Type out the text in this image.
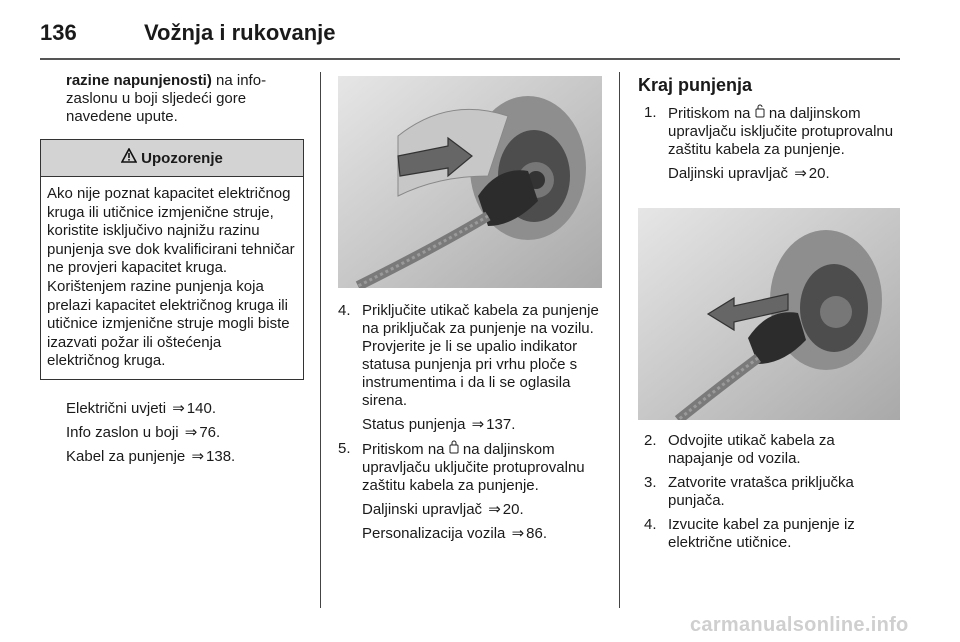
136	Vožnja i rukovanje
razine napunjenosti) na info-zaslonu u boji sljedeći gore navedene upute.
Upozorenje
Ako nije poznat kapacitet električnog kruga ili utičnice izmjenične struje, koristite isključivo najnižu razinu punjenja sve dok kvalificirani tehničar ne provjeri kapacitet kruga. Korištenjem razine punjenja koja prelazi kapacitet električnog kruga ili utičnice izmjenične struje mogli biste izazvati požar ili oštećenja električnog kruga.

Električni uvjeti ⇒ 140.

Info zaslon u boji ⇒ 76.

Kabel za punjenje ⇒ 138.

4. Priključite utikač kabela za punjenje na priključak za punjenje na vozilu. Provjerite je li se upalio indikator statusa punjenja pri vrhu ploče s instrumentima i da li se oglasila sirena.
Status punjenja ⇒ 137.
5. Pritiskom na na daljinskom upravljaču uključite protuprovalnu zaštitu kabela za punjenje.
Daljinski upravljač ⇒ 20.
Personalizacija vozila ⇒ 86.
Kraj punjenja
1. Pritiskom na na daljinskom upravljaču isključite protuprovalnu zaštitu kabela za punjenje.
Daljinski upravljač ⇒ 20.
2. Odvojite utikač kabela za napajanje od vozila.
3. Zatvorite vratašca priključka punjača.
4. Izvucite kabel za punjenje iz električne utičnice.
carmanualsonline.info
